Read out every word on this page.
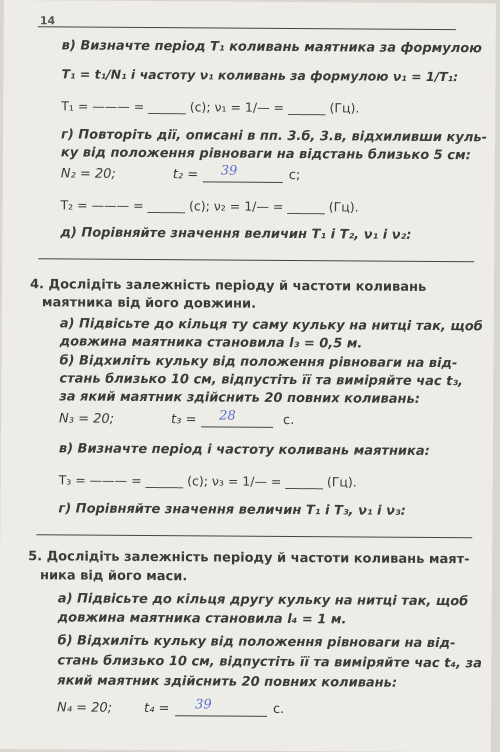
14
в) Визначте період T₁ коливань маятника за формулою
T₁ = t₁/N₁ і частоту ν₁ коливань за формулою ν₁ = 1/T₁:
T₁ = ——— = ______ (с); ν₁ = 1/— = ______ (Гц).
г) Повторіть дії, описані в пп. 3.б, 3.в, відхиливши куль-
ку від положення рівноваги на відстань близько 5 см:
N₂ = 20;	t₂ = 39	с;
T₂ = ——— = ______ (с); ν₂ = 1/— = ______ (Гц).
д) Порівняйте значення величин T₁ і T₂, ν₁ і ν₂:
4. Дослідіть залежність періоду й частоти коливань
маятника від його довжини.
а) Підвісьте до кільця ту саму кульку на нитці так, щоб
довжина маятника становила l₃ = 0,5 м.
б) Відхиліть кульку від положення рівноваги на від-
стань близько 10 см, відпустіть її та виміряйте час t₃,
за який маятник здійснить 20 повних коливань:
N₃ = 20;	t₃ = 28	с.
в) Визначте період і частоту коливань маятника:
T₃ = ——— = ______ (с); ν₃ = 1/— = ______ (Гц).
г) Порівняйте значення величин T₁ і T₃, ν₁ і ν₃:
5. Дослідіть залежність періоду й частоти коливань маят-
ника від його маси.
а) Підвісьте до кільця другу кульку на нитці так, щоб
довжина маятника становила l₄ = 1 м.
б) Відхиліть кульку від положення рівноваги на від-
стань близько 10 см, відпустіть її та виміряйте час t₄, за
який маятник здійснить 20 повних коливань:
N₄ = 20; t₄ = 39	с.
